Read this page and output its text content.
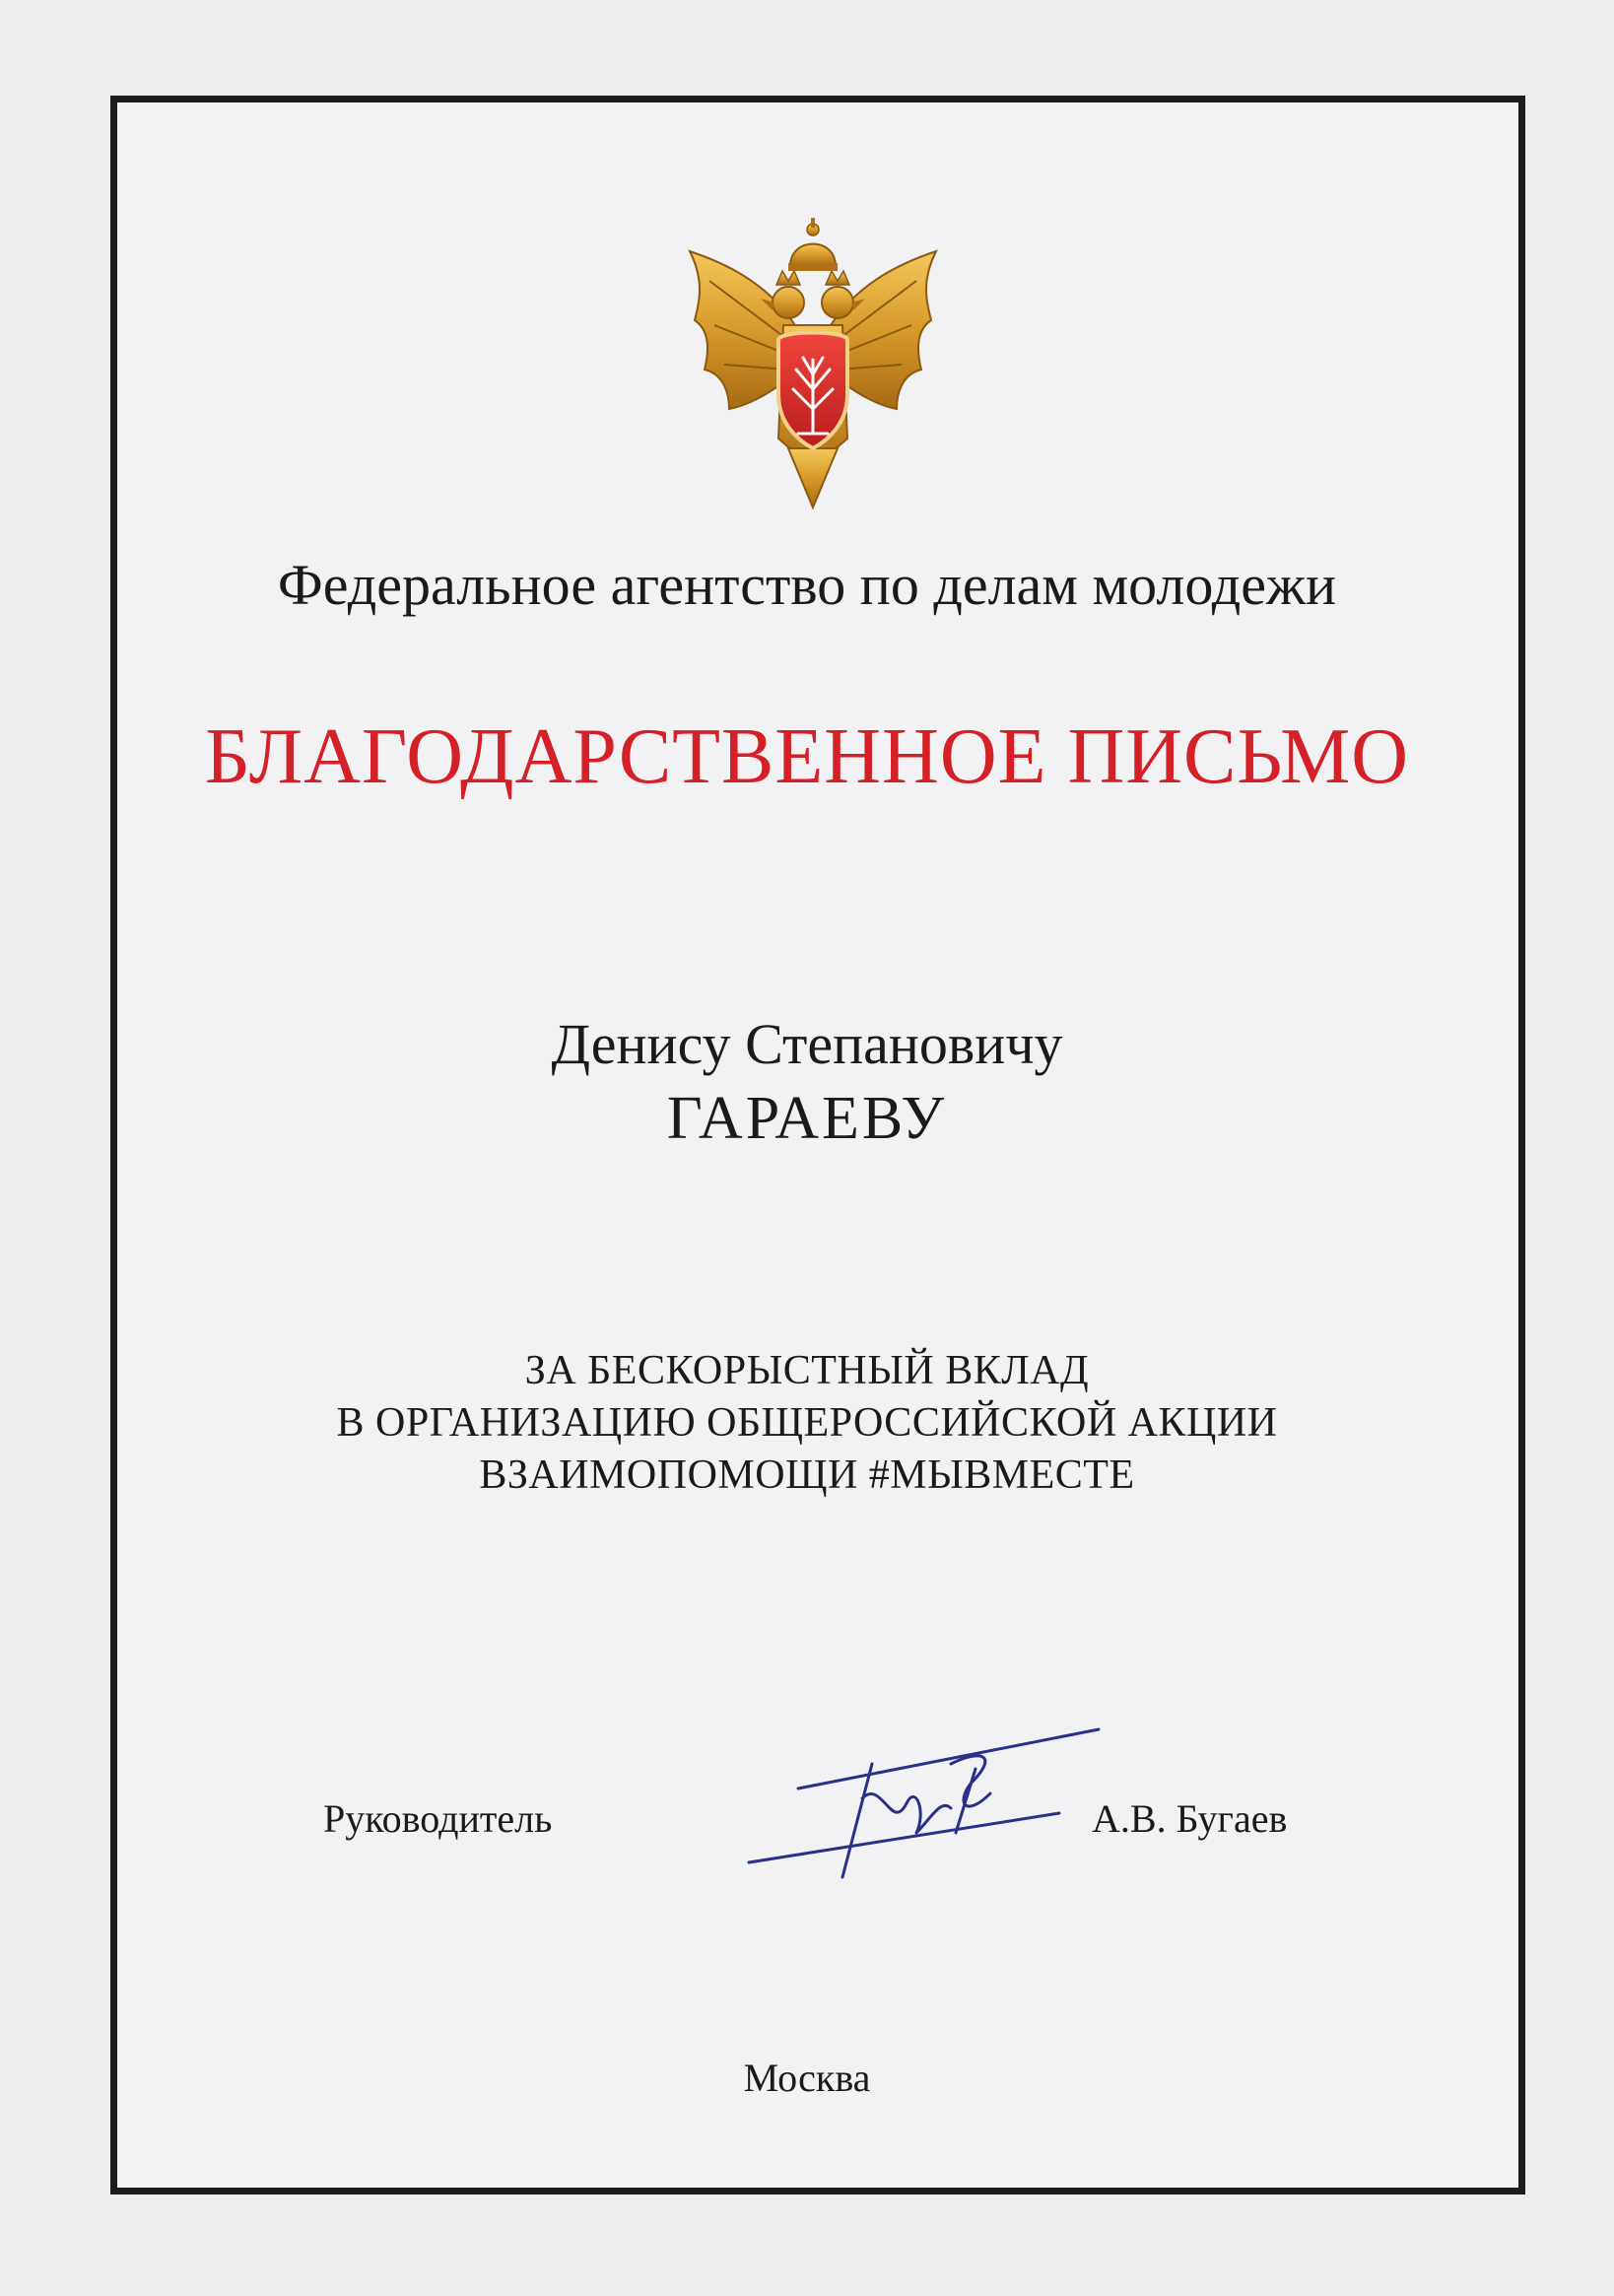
Федеральное агентство по делам молодежи
БЛАГОДАРСТВЕННОЕ ПИСЬМО
Денису Степановичу
ГАРАЕВУ
ЗА БЕСКОРЫСТНЫЙ ВКЛАД
В ОРГАНИЗАЦИЮ ОБЩЕРОССИЙСКОЙ АКЦИИ
ВЗАИМОПОМОЩИ #МЫВМЕСТЕ
Руководитель	А.В. Бугаев
Москва
